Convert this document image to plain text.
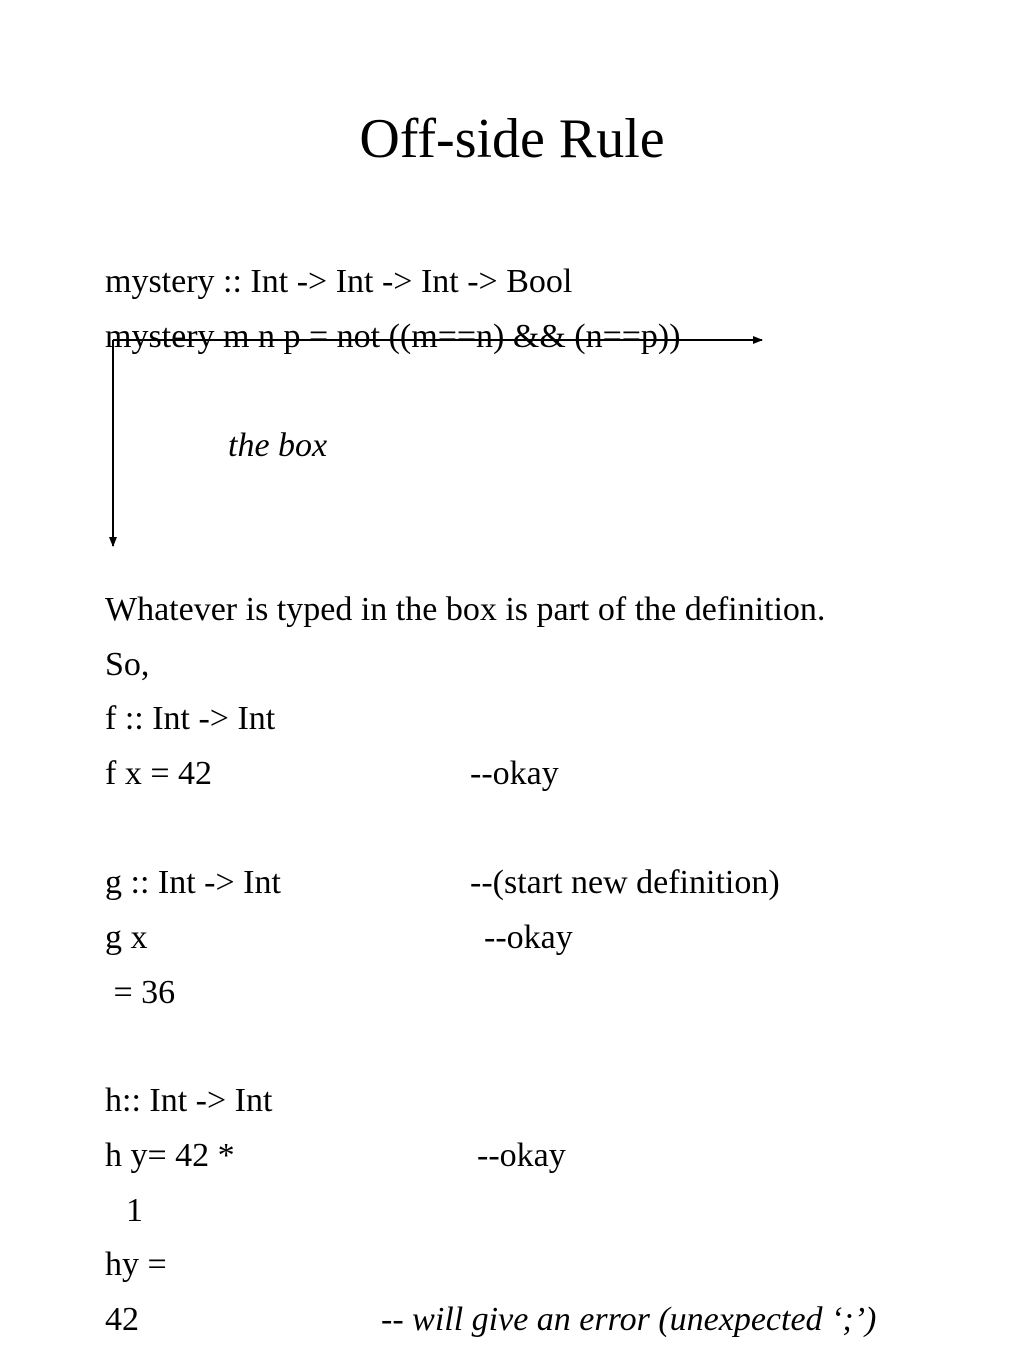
Off-side Rule
mystery :: Int -> Int -> Int -> Bool
mystery m n p = not ((m==n) && (n==p))
the box
Whatever is typed in the box is part of the definition.
So,
f :: Int -> Int
f x = 42	--okay
g :: Int -> Int	--(start new definition)
g x	--okay
= 36
h:: Int -> Int
h y= 42 *	--okay
1
hy =
42	-- will give an error (unexpected ‘;’)
